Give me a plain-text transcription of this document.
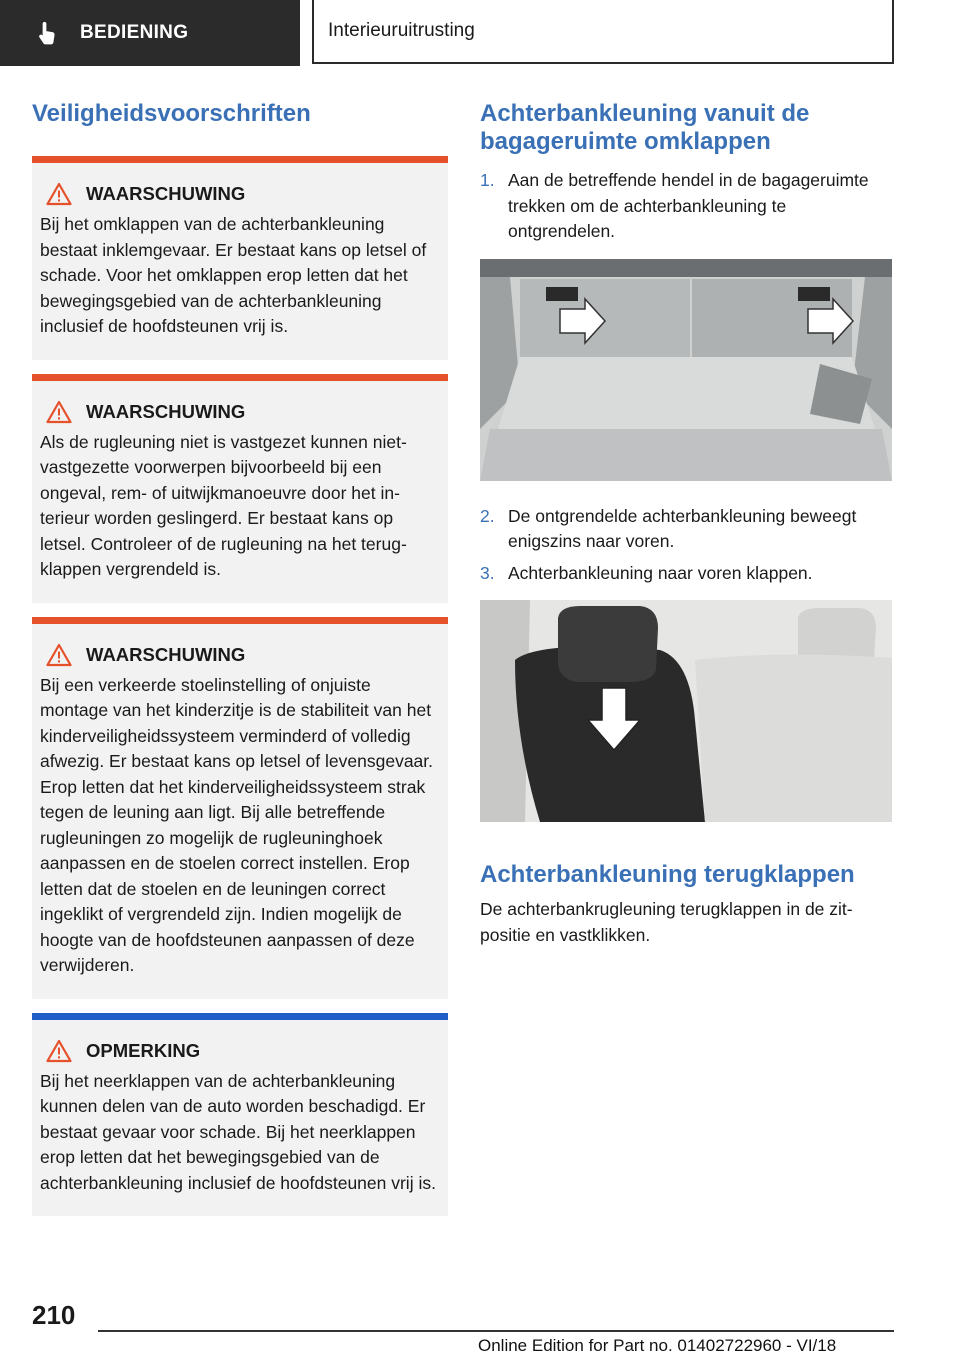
BEDIENING	Interieuruitrusting
Veiligheidsvoorschriften
WAARSCHUWING

Bij het omklappen van de achterbankleuning bestaat inklemgevaar. Er bestaat kans op letsel of schade. Voor het omklappen erop letten dat het bewegingsgebied van de achterbankleuning inclusief de hoofdsteunen vrij is.

WAARSCHUWING

Als de rugleuning niet is vastgezet kunnen nietvastgezette voorwerpen bijvoorbeeld bij een ongeval, rem- of uitwijkmanoeuvre door het interieur worden geslingerd. Er bestaat kans op letsel. Controleer of de rugleuning na het terugklappen vergrendeld is.

WAARSCHUWING

Bij een verkeerde stoelinstelling of onjuiste montage van het kinderzitje is de stabiliteit van het kinderveiligheidssysteem verminderd of volledig afwezig. Er bestaat kans op letsel of levensgevaar. Erop letten dat het kinderveiligheidssysteem strak tegen de leuning aan ligt. Bij alle betreffende rugleuningen zo mogelijk de rugleuninghoek aanpassen en de stoelen correct instellen. Erop letten dat de stoelen en de leuningen correct ingeklikt of vergrendeld zijn. Indien mogelijk de hoogte van de hoofdsteunen aanpassen of deze verwijderen.

OPMERKING

Bij het neerklappen van de achterbankleuning kunnen delen van de auto worden beschadigd. Er bestaat gevaar voor schade. Bij het neerklappen erop letten dat het bewegingsgebied van de achterbankleuning inclusief de hoofdsteunen vrij is.

Achterbankleuning vanuit de bagageruimte omklappen
1. Aan de betreffende hendel in de bagageruimte trekken om de achterbankleuning te ontgrendelen.
2. De ontgrendelde achterbankleuning beweegt enigszins naar voren.
3. Achterbankleuning naar voren klappen.
Achterbankleuning terugklappen

De achterbankrugleuning terugklappen in de zitpositie en vastklikken.

210
Online Edition for Part no. 01402722960 - VI/18
